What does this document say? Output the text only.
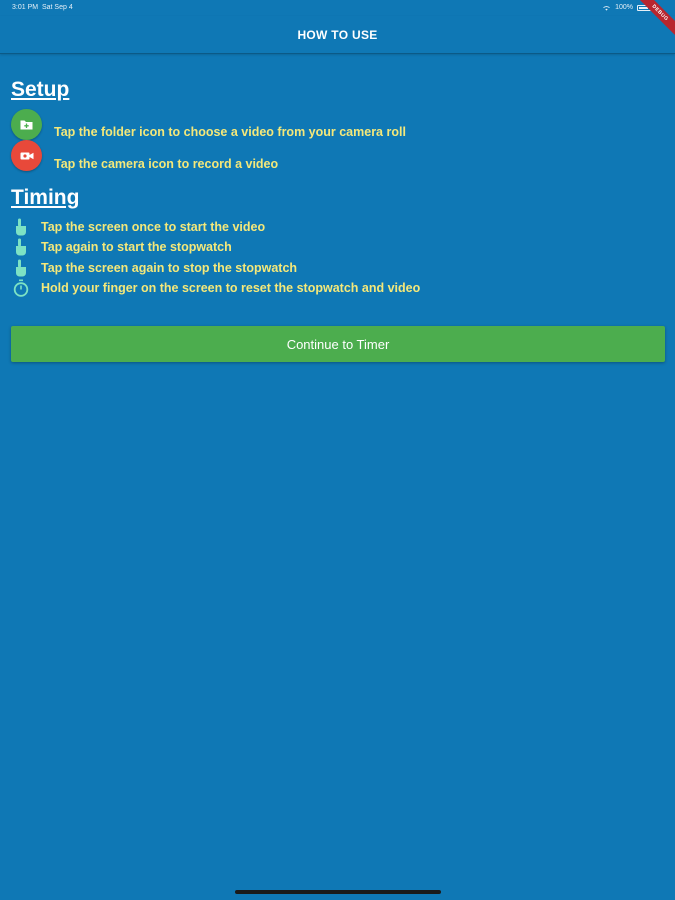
3:01 PM Sat Sep 4	100%	DEBUG
HOW TO USE
Setup
Tap the folder icon to choose a video from your camera roll
Tap the camera icon to record a video
Timing
Tap the screen once to start the video
Tap again to start the stopwatch
Tap the screen again to stop the stopwatch
Hold your finger on the screen to reset the stopwatch and video
Continue to Timer
